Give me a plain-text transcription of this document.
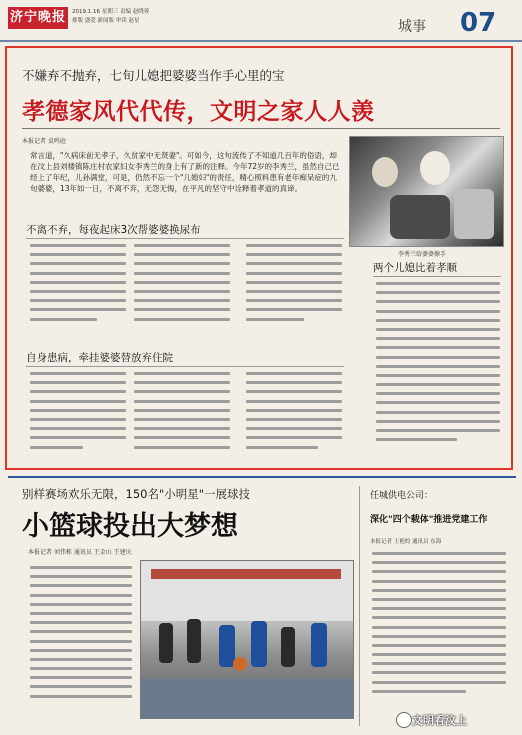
济宁晚报	2019.1.16 星期三 责编 赵晓蓉
排版 盛爱 新闻版 审读 赵星	城事 07
不嫌弃不抛弃，七旬儿媳把婆婆当作手心里的宝
孝德家风代代传，文明之家人人羡
本报记者 袁鸣庭
常言道，"久病床前无孝子，久贫家中无贤妻"。可如今，这句流传了不知道几百年的俗语，却在汶上县刘楼镇陈庄村农家妇女李秀兰的身上有了新的注释。今年72岁的李秀兰，虽然自己已经上了年纪，儿孙满堂，可是，仍然不忘一个"儿媳妇"的责任，精心照料患有老年痴呆症的九旬婆婆，13年如一日，不离不弃，无怨无悔，在平凡的坚守中诠释着孝道的真谛。
李秀兰给婆婆擦手
不离不弃，每夜起床3次帮婆婆换尿布
自身患病，牵挂婆婆替放弃住院
两个儿媳比着孝顺
别样赛场欢乐无限，150名"小明星"一展球技
小篮球投出大梦想
本报记者 刘伟栋 通讯员 王金山 王建庆
任城供电公司：
深化"四个载体"推进党建工作
本报记者 王艳的 通讯员 东海
文明看汶上
